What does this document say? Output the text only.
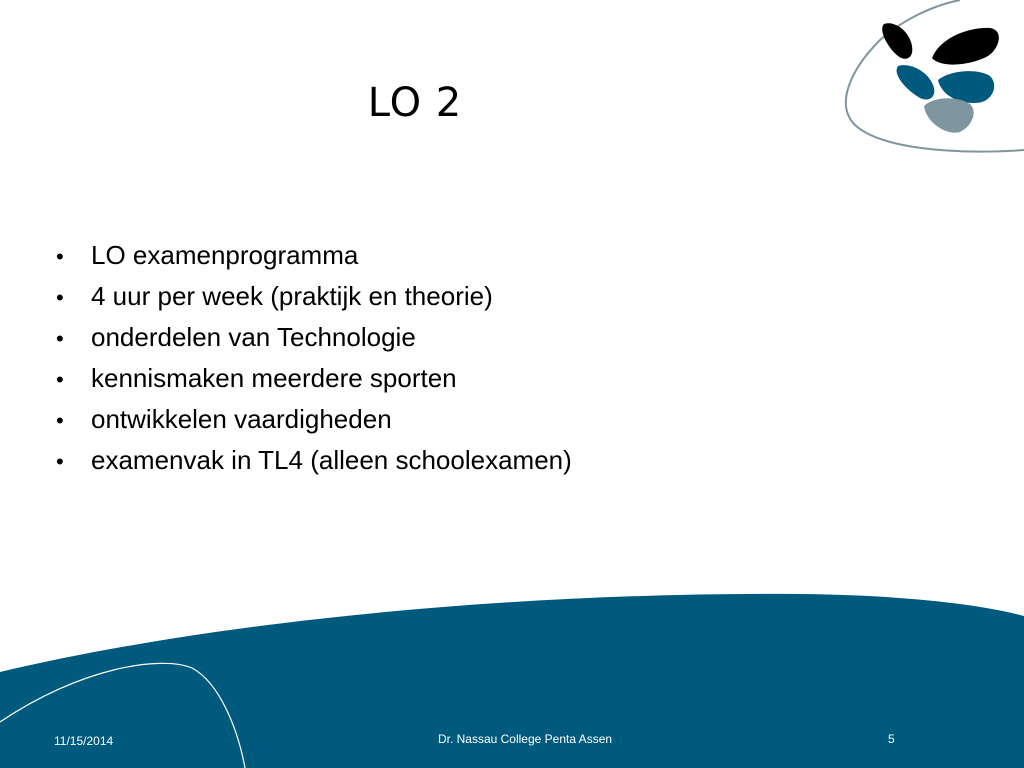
LO 2
•	LO examenprogramma
•	4 uur per week (praktijk en theorie)
•	onderdelen van Technologie
•	kennismaken meerdere sporten
•	ontwikkelen vaardigheden
•	examenvak in TL4 (alleen schoolexamen)
11/15/2014	Dr. Nassau College Penta Assen	5
